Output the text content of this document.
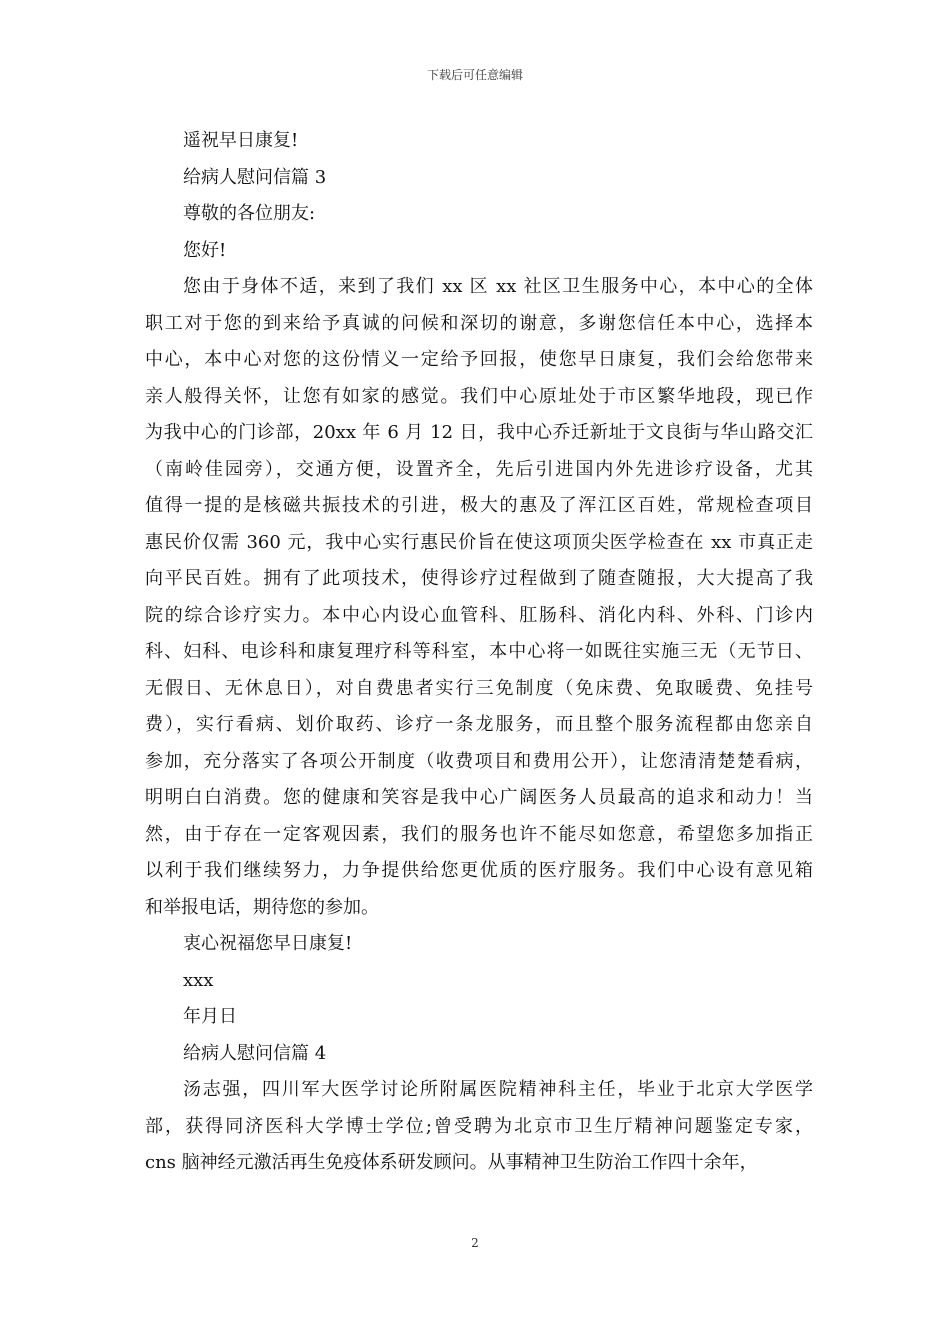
下载后可任意编辑
遥祝早日康复!
给病人慰问信篇 3
尊敬的各位朋友:
您好!

您由于身体不适，来到了我们 xx 区 xx 社区卫生服务中心，本中心的全体

职工对于您的到来给予真诚的问候和深切的谢意，多谢您信任本中心，选择本

中心，本中心对您的这份情义一定给予回报，使您早日康复，我们会给您带来

亲人般得关怀，让您有如家的感觉。我们中心原址处于市区繁华地段，现已作

为我中心的门诊部，20xx 年 6 月 12 日，我中心乔迁新址于文良街与华山路交汇

（南岭佳园旁），交通方便，设置齐全，先后引进国内外先进诊疗设备，尤其

值得一提的是核磁共振技术的引进，极大的惠及了浑江区百姓，常规检查项目

惠民价仅需 360 元，我中心实行惠民价旨在使这项顶尖医学检查在 xx 市真正走

向平民百姓。拥有了此项技术，使得诊疗过程做到了随查随报，大大提高了我

院的综合诊疗实力。本中心内设心血管科、肛肠科、消化内科、外科、门诊内

科、妇科、电诊科和康复理疗科等科室，本中心将一如既往实施三无（无节日、

无假日、无休息日），对自费患者实行三免制度（免床费、免取暖费、免挂号

费），实行看病、划价取药、诊疗一条龙服务，而且整个服务流程都由您亲自

参加，充分落实了各项公开制度（收费项目和费用公开），让您清清楚楚看病，

明明白白消费。您的健康和笑容是我中心广阔医务人员最高的追求和动力！当

然，由于存在一定客观因素，我们的服务也许不能尽如您意，希望您多加指正

以利于我们继续努力，力争提供给您更优质的医疗服务。我们中心设有意见箱

和举报电话，期待您的参加。

衷心祝福您早日康复!
xxx
年月日
给病人慰问信篇 4

汤志强，四川军大医学讨论所附属医院精神科主任，毕业于北京大学医学

部，获得同济医科大学博士学位;曾受聘为北京市卫生厅精神问题鉴定专家，

cns 脑神经元激活再生免疫体系研发顾问。从事精神卫生防治工作四十余年，

2
